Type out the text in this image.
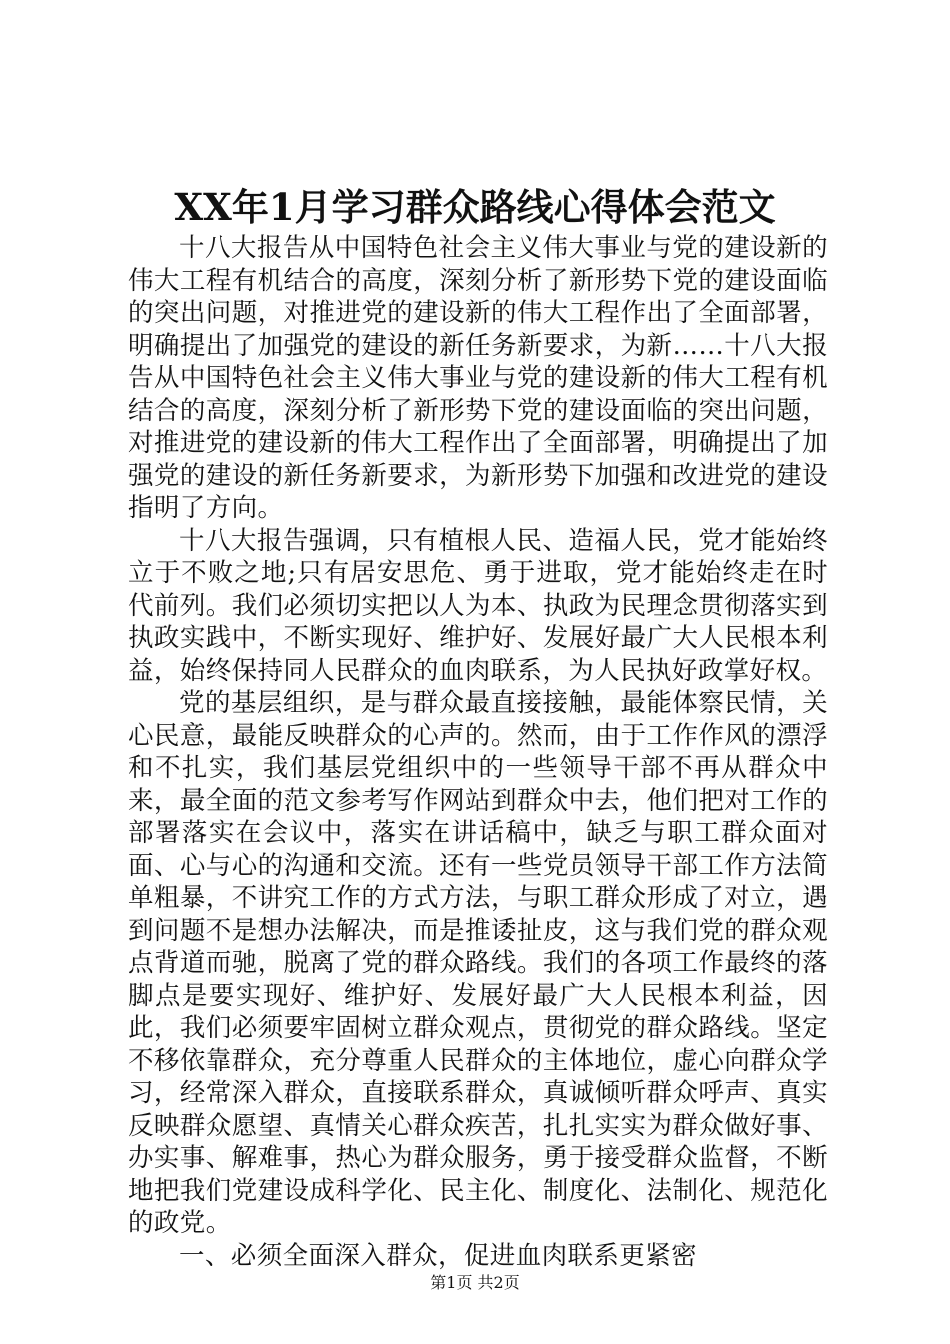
XX年1月学习群众路线心得体会范文

十八大报告从中国特色社会主义伟大事业与党的建设新的伟大工程有机结合的高度，深刻分析了新形势下党的建设面临的突出问题，对推进党的建设新的伟大工程作出了全面部署，明确提出了加强党的建设的新任务新要求，为新……十八大报告从中国特色社会主义伟大事业与党的建设新的伟大工程有机结合的高度，深刻分析了新形势下党的建设面临的突出问题，对推进党的建设新的伟大工程作出了全面部署，明确提出了加强党的建设的新任务新要求，为新形势下加强和改进党的建设指明了方向。

十八大报告强调，只有植根人民、造福人民，党才能始终立于不败之地;只有居安思危、勇于进取，党才能始终走在时代前列。我们必须切实把以人为本、执政为民理念贯彻落实到执政实践中，不断实现好、维护好、发展好最广大人民根本利益，始终保持同人民群众的血肉联系，为人民执好政掌好权。

党的基层组织，是与群众最直接接触，最能体察民情，关心民意，最能反映群众的心声的。然而，由于工作作风的漂浮和不扎实，我们基层党组织中的一些领导干部不再从群众中来，最全面的范文参考写作网站到群众中去，他们把对工作的部署落实在会议中，落实在讲话稿中，缺乏与职工群众面对面、心与心的沟通和交流。还有一些党员领导干部工作方法简单粗暴，不讲究工作的方式方法，与职工群众形成了对立，遇到问题不是想办法解决，而是推诿扯皮，这与我们党的群众观点背道而驰，脱离了党的群众路线。我们的各项工作最终的落脚点是要实现好、维护好、发展好最广大人民根本利益，因此，我们必须要牢固树立群众观点，贯彻党的群众路线。坚定不移依靠群众，充分尊重人民群众的主体地位，虚心向群众学习，经常深入群众，直接联系群众，真诚倾听群众呼声、真实反映群众愿望、真情关心群众疾苦，扎扎实实为群众做好事、办实事、解难事，热心为群众服务，勇于接受群众监督，不断地把我们党建设成科学化、民主化、制度化、法制化、规范化的政党。

一、必须全面深入群众，促进血肉联系更紧密

第1页 共2页
